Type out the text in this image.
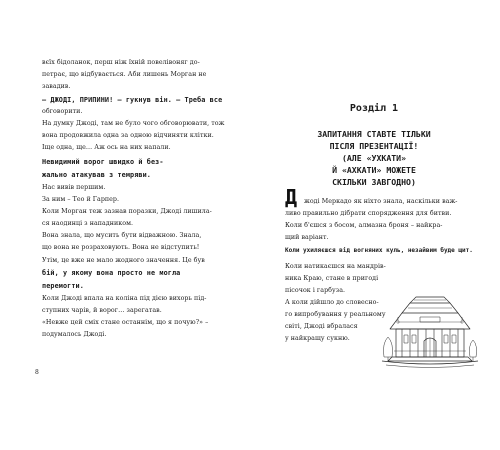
вєїх бідоланок, перш ніж їхній повелівоняг до-
петрає, що відбувається. Аби лишень Морган не
завадив.
— ДЖОДІ, ПРИПИНИ! — гукнув він. – Треба все
обговорити.
На думку Джоді, там не було чого обговорювати, тож
вона продовжила одна за одною відчиняти клітки.
Іще одна, ще… Аж ось на них напали.
Невидимий ворог швидко й без-
жально атакував з темряви.
Нас вивів першим.
За ним – Тео й Гарпер.
Коли Морган теж зазнав поразки, Джоді лишила-
ся наодинці з нападником.
Вона знала, що мусить бути відважною. Знала,
що вона не розраховують. Вона не відступить!
Утім, це вже не мало жодного значення. Це був
бій, у якому вона просто не могла
перемогти.
Коли Джоді впала на коліна під дією вихорь під-
ступних чарів, й ворог… зарегатав.
«Невже цей сміх стане останнім, що я почую?» –
подумалось Джоді.
8
Розділ 1
ЗАПИТАННЯ СТАВТЕ ТІЛЬКИ
ПІСЛЯ ПРЕЗЕНТАЦІЇ!
(АЛЕ «УХКАТИ»
Й «АХКАТИ» МОЖЕТЕ
СКІЛЬКИ ЗАВГОДНО)
Д	жоді Меркадо як ніхто знала, наскільки важ-
ливо правильно дібрати спорядження для битви.
Коли б'єшся з босом, алмазна броня – найкра-
щий варіант.
Коли ухиляєшся від вогняних куль, незайвим буде щит.
Коли натикаєшся на мандрів-
ника Краю, стане в пригоді
пісочок і гарбуза.
А коли дійшло до словесно-
го випробування у реальному
світі, Джоді вбралася
у найкращу сукню.
